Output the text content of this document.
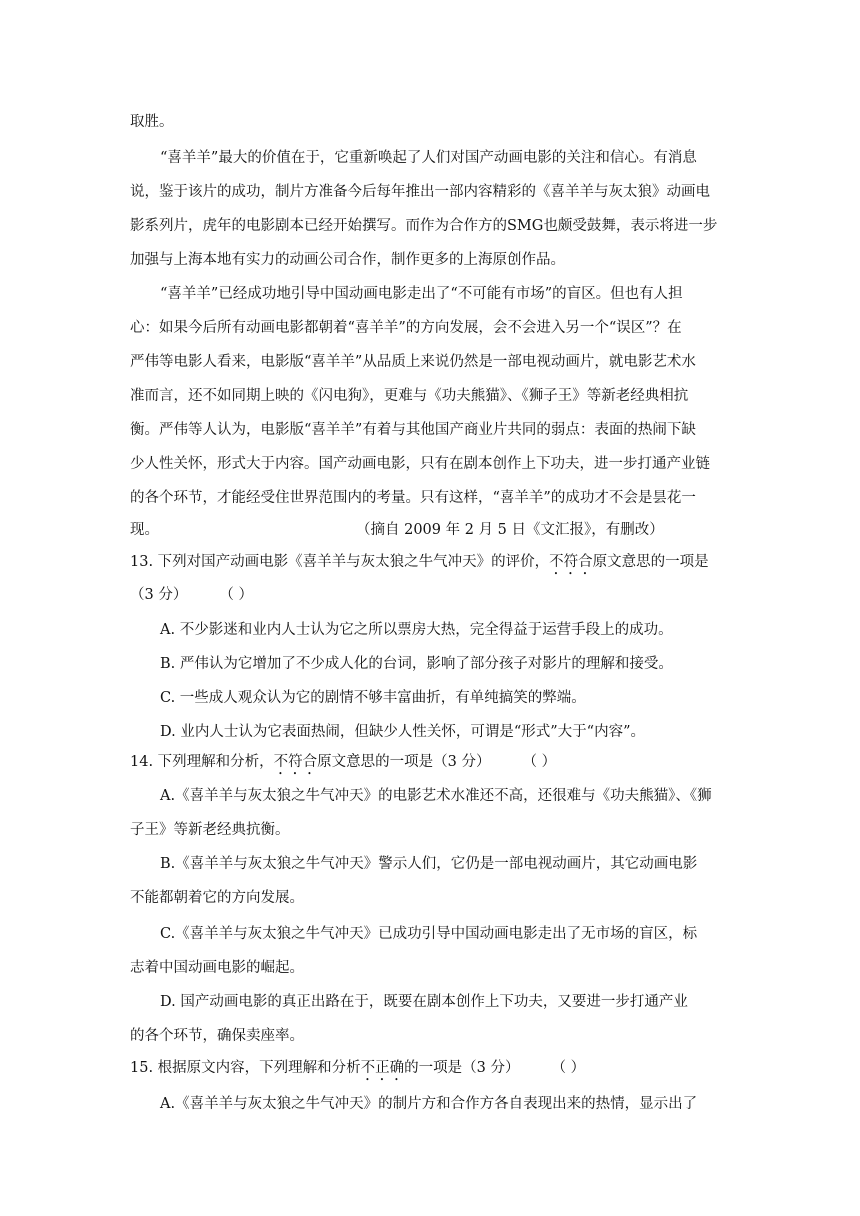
取胜。
“喜羊羊”最大的价值在于，它重新唤起了人们对国产动画电影的关注和信心。有消息
说，鉴于该片的成功，制片方准备今后每年推出一部内容精彩的《喜羊羊与灰太狼》动画电
影系列片，虎年的电影剧本已经开始撰写。而作为合作方的SMG也颇受鼓舞，表示将进一步
加强与上海本地有实力的动画公司合作，制作更多的上海原创作品。
“喜羊羊”已经成功地引导中国动画电影走出了“不可能有市场”的盲区。但也有人担
心：如果今后所有动画电影都朝着“喜羊羊”的方向发展，会不会进入另一个“误区”？在
严伟等电影人看来，电影版“喜羊羊”从品质上来说仍然是一部电视动画片，就电影艺术水
准而言，还不如同期上映的《闪电狗》，更难与《功夫熊猫》、《狮子王》等新老经典相抗
衡。严伟等人认为，电影版“喜羊羊”有着与其他国产商业片共同的弱点：表面的热闹下缺
少人性关怀，形式大于内容。国产动画电影，只有在剧本创作上下功夫，进一步打通产业链
的各个环节，才能经受住世界范围内的考量。只有这样，“喜羊羊”的成功才不会是昙花一
现。	（摘自 2009 年 2 月 5 日《文汇报》，有删改）
13. 下列对国产动画电影《喜羊羊与灰太狼之牛气冲天》的评价，不符合原文意思的一项是
（3 分） （ ）
A. 不少影迷和业内人士认为它之所以票房大热，完全得益于运营手段上的成功。
B. 严伟认为它增加了不少成人化的台词，影响了部分孩子对影片的理解和接受。
C. 一些成人观众认为它的剧情不够丰富曲折，有单纯搞笑的弊端。
D. 业内人士认为它表面热闹，但缺少人性关怀，可谓是“形式”大于“内容”。
14. 下列理解和分析，不符合原文意思的一项是（3 分） （ ）
A.《喜羊羊与灰太狼之牛气冲天》的电影艺术水准还不高，还很难与《功夫熊猫》、《狮
子王》等新老经典抗衡。
B.《喜羊羊与灰太狼之牛气冲天》警示人们，它仍是一部电视动画片，其它动画电影
不能都朝着它的方向发展。
C.《喜羊羊与灰太狼之牛气冲天》已成功引导中国动画电影走出了无市场的盲区，标
志着中国动画电影的崛起。
D. 国产动画电影的真正出路在于，既要在剧本创作上下功夫，又要进一步打通产业
的各个环节，确保卖座率。
15. 根据原文内容，下列理解和分析不正确的一项是（3 分） （ ）
A.《喜羊羊与灰太狼之牛气冲天》的制片方和合作方各自表现出来的热情，显示出了
